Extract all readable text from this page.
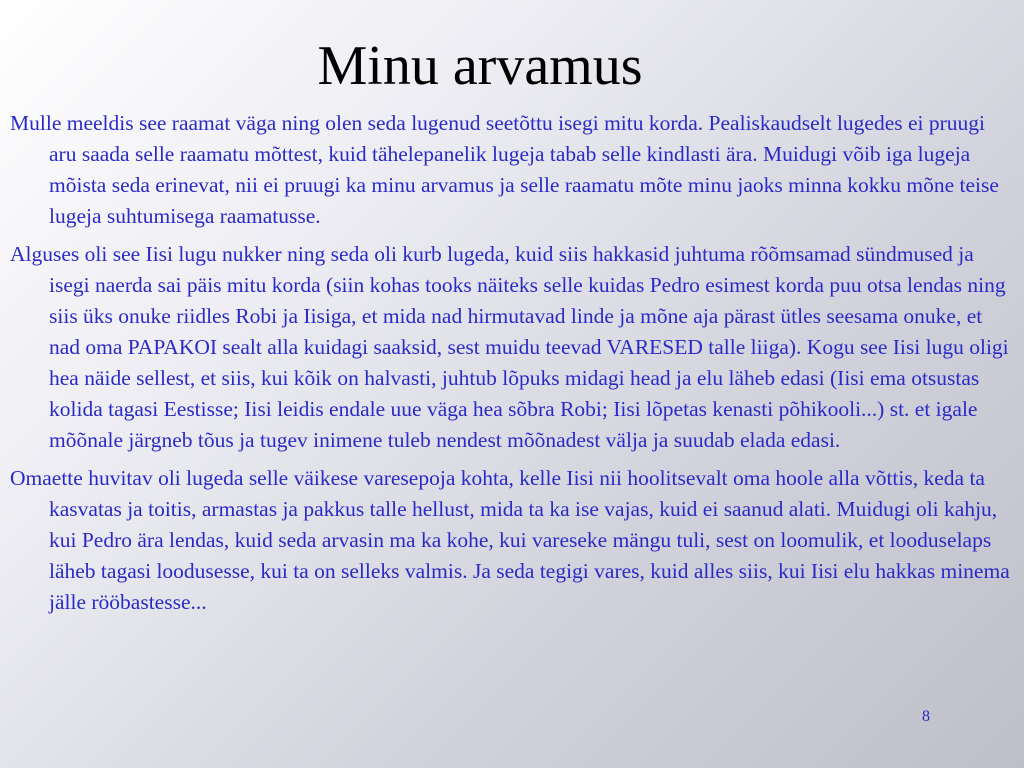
Minu arvamus

Mulle meeldis see raamat väga ning olen seda lugenud seetõttu isegi mitu korda. Pealiskaudselt lugedes ei pruugi aru saada selle raamatu mõttest, kuid tähelepanelik lugeja tabab selle kindlasti ära. Muidugi võib iga lugeja mõista seda erinevat, nii ei pruugi ka minu arvamus ja selle raamatu mõte minu jaoks minna kokku mõne teise lugeja suhtumisega raamatusse.

Alguses oli see Iisi lugu nukker ning seda oli kurb lugeda, kuid siis hakkasid juhtuma rõõmsamad sündmused ja isegi naerda sai päis mitu korda (siin kohas tooks näiteks selle kuidas Pedro esimest korda puu otsa lendas ning siis üks onuke riidles Robi ja Iisiga, et mida nad hirmutavad linde ja mõne aja pärast ütles seesama onuke, et nad oma PAPAKOI sealt alla kuidagi saaksid, sest muidu teevad VARESED talle liiga). Kogu see Iisi lugu oligi hea näide sellest, et siis, kui kõik on halvasti, juhtub lõpuks midagi head ja elu läheb edasi (Iisi ema otsustas kolida tagasi Eestisse; Iisi leidis endale uue väga hea sõbra Robi; Iisi lõpetas kenasti põhikooli...) st. et igale mõõnale järgneb tõus ja tugev inimene tuleb nendest mõõnadest välja ja suudab elada edasi.

Omaette huvitav oli lugeda selle väikese varesepoja kohta, kelle Iisi nii hoolitsevalt oma hoole alla võttis, keda ta kasvatas ja toitis, armastas ja pakkus talle hellust, mida ta ka ise vajas, kuid ei saanud alati. Muidugi oli kahju, kui Pedro ära lendas, kuid seda arvasin ma ka kohe, kui vareseke mängu tuli, sest on loomulik, et looduselaps läheb tagasi loodusesse, kui ta on selleks valmis. Ja seda tegigi vares, kuid alles siis, kui Iisi elu hakkas minema jälle rööbastesse...

8
